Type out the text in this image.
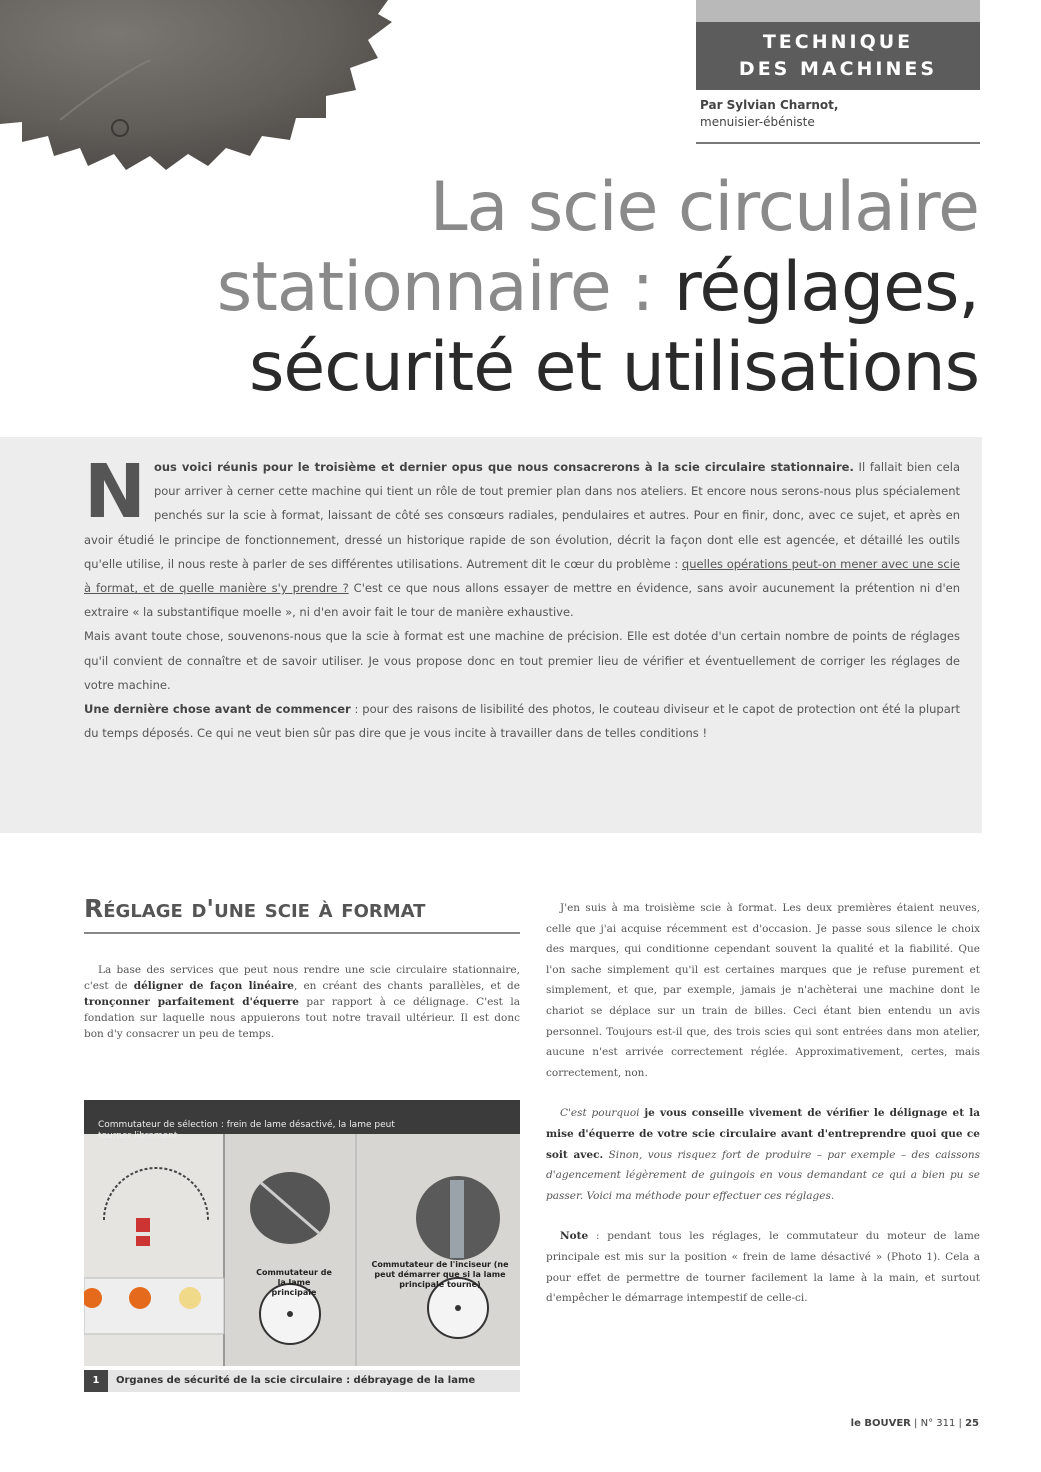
TECHNIQUE
DES MACHINES
Par Sylvian Charnot,
menuisier-ébéniste
La scie circulaire
stationnaire : réglages,
sécurité et utilisations
N ous voici réunis pour le troisième et dernier opus que nous consacrerons à la scie circulaire stationnaire. Il fallait bien cela pour arriver à cerner cette machine qui tient un rôle de tout premier plan dans nos ateliers. Et encore nous serons-nous plus spécialement penchés sur la scie à format, laissant de côté ses consœurs radiales, pendulaires et autres. Pour en finir, donc, avec ce sujet, et après en avoir étudié le principe de fonctionnement, dressé un historique rapide de son évolution, décrit la façon dont elle est agencée, et détaillé les outils qu'elle utilise, il nous reste à parler de ses différentes utilisations. Autrement dit le cœur du problème : quelles opérations peut-on mener avec une scie à format, et de quelle manière s'y prendre ? C'est ce que nous allons essayer de mettre en évidence, sans avoir aucunement la prétention ni d'en extraire « la substantifique moelle », ni d'en avoir fait le tour de manière exhaustive.

Mais avant toute chose, souvenons-nous que la scie à format est une machine de précision. Elle est dotée d'un certain nombre de points de réglages qu'il convient de connaître et de savoir utiliser. Je vous propose donc en tout premier lieu de vérifier et éventuellement de corriger les réglages de votre machine.

Une dernière chose avant de commencer : pour des raisons de lisibilité des photos, le couteau diviseur et le capot de protection ont été la plupart du temps déposés. Ce qui ne veut bien sûr pas dire que je vous incite à travailler dans de telles conditions !

Réglage d'une scie à format

La base des services que peut nous rendre une scie circulaire stationnaire, c'est de déligner de façon linéaire, en créant des chants parallèles, et de tronçonner parfaitement d'équerre par rapport à ce délignage. C'est la fondation sur laquelle nous appuierons tout notre travail ultérieur. Il est donc bon d'y consacrer un peu de temps.

Commutateur de sélection : frein de lame désactivé, la lame peut tourner librement
Commutateur de la lame principale
Commutateur de l'inciseur (ne peut démarrer que si la lame principale tourne)
1 Organes de sécurité de la scie circulaire : débrayage de la lame

J'en suis à ma troisième scie à format. Les deux premières étaient neuves, celle que j'ai acquise récemment est d'occasion. Je passe sous silence le choix des marques, qui conditionne cependant souvent la qualité et la fiabilité. Que l'on sache simplement qu'il est certaines marques que je refuse purement et simplement, et que, par exemple, jamais je n'achèterai une machine dont le chariot se déplace sur un train de billes. Ceci étant bien entendu un avis personnel. Toujours est-il que, des trois scies qui sont entrées dans mon atelier, aucune n'est arrivée correctement réglée. Approximativement, certes, mais correctement, non.

C'est pourquoi je vous conseille vivement de vérifier le délignage et la mise d'équerre de votre scie circulaire avant d'entreprendre quoi que ce soit avec. Sinon, vous risquez fort de produire – par exemple – des caissons d'agencement légèrement de guingois en vous demandant ce qui a bien pu se passer. Voici ma méthode pour effectuer ces réglages.

Note : pendant tous les réglages, le commutateur du moteur de lame principale est mis sur la position « frein de lame désactivé » (Photo 1). Cela a pour effet de permettre de tourner facilement la lame à la main, et surtout d'empêcher le démarrage intempestif de celle-ci.

le BOUVER | N° 311 | 25
